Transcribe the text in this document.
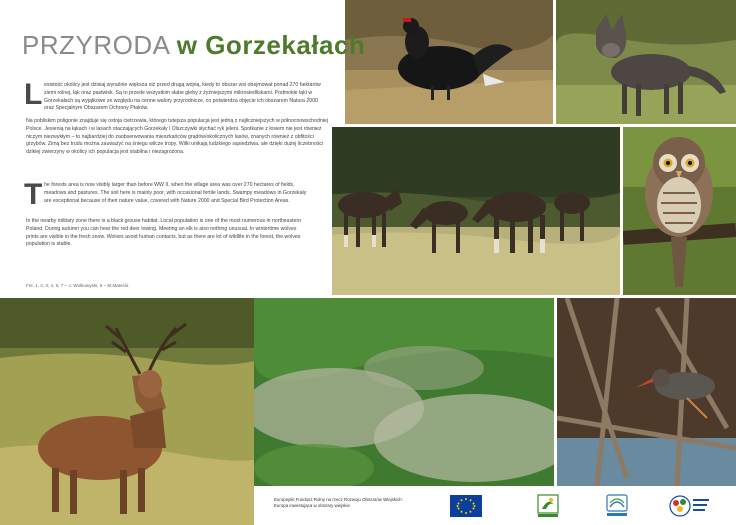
PRZYRODA w Gorzekałach
L esistość okolicy jest dzisiaj wyraźnie większa niż przed drugą wojną, kiedy to obszar wsi obejmował ponad 270 hektarów ziemi rolnej, łąk oraz pastwisk. Są to przede wszystkim słabe gleby z żyźniejszymi mikrosiedliskami. Podmokłe łąki w Gorzekałach są wyjątkowe ze względu na cenne walory przyrodnicze, co potwierdza objęcie ich obszarem Natura 2000 oraz Specjalnym Obszarem Ochrony Ptaków.

Na pobliskim poligonie znajduje się ostoja cietrzewia, którego tutejsza populacja jest jedną z najliczniejszych w północnowschodniej Polsce. Jesienią na łąkach i w lasach otaczających Gorzekały i Olszczywki słychać ryk jeleni. Spotkanie z łosiem nie jest również niczym niezwykłym – to najbardziej do zaobserwowania mieszkańców grądów/okolicznych lasów, znanych również z obfitości grzybów. Zimą bez trudu można zauważyć na śniegu wilcze tropy. Wilki unikają ludzkiego sąsiedztwa, ale dzięki dużej liczebności dzikiej zwierzyny w okolicy ich populacja jest stabilna i niezagrożona.

T he forests area is now visibly larger than before WW II, when the village area was over 270 hectares of fields, meadows and pastures. The soil here is mainly poor, with occasional fertile lands. Swampy meadows in Gorzekały are exceptional because of their nature value, covered with Nature 2000 and Special Bird Protection Areas.

In the nearby military zone there is a black grouse habitat. Local population is one of the most numerous in northeastern Poland. During autumn you can hear the red deer lowing. Meeting an elk is also nothing unusual. In wintertime wolves prints are visible in the fresh snow. Wolves avoid human contacts, but as there are lot of wildlife in the forest, the wolves population is stable.

Fot. 1, 2, 3, 4, 5, 7 – J. Wolkowyski, 6 – M.Matecki.
Europejski Fundusz Rolny na rzecz Rozwoju Obszarów Wiejskich:
Europa inwestująca w obszary wiejskie
